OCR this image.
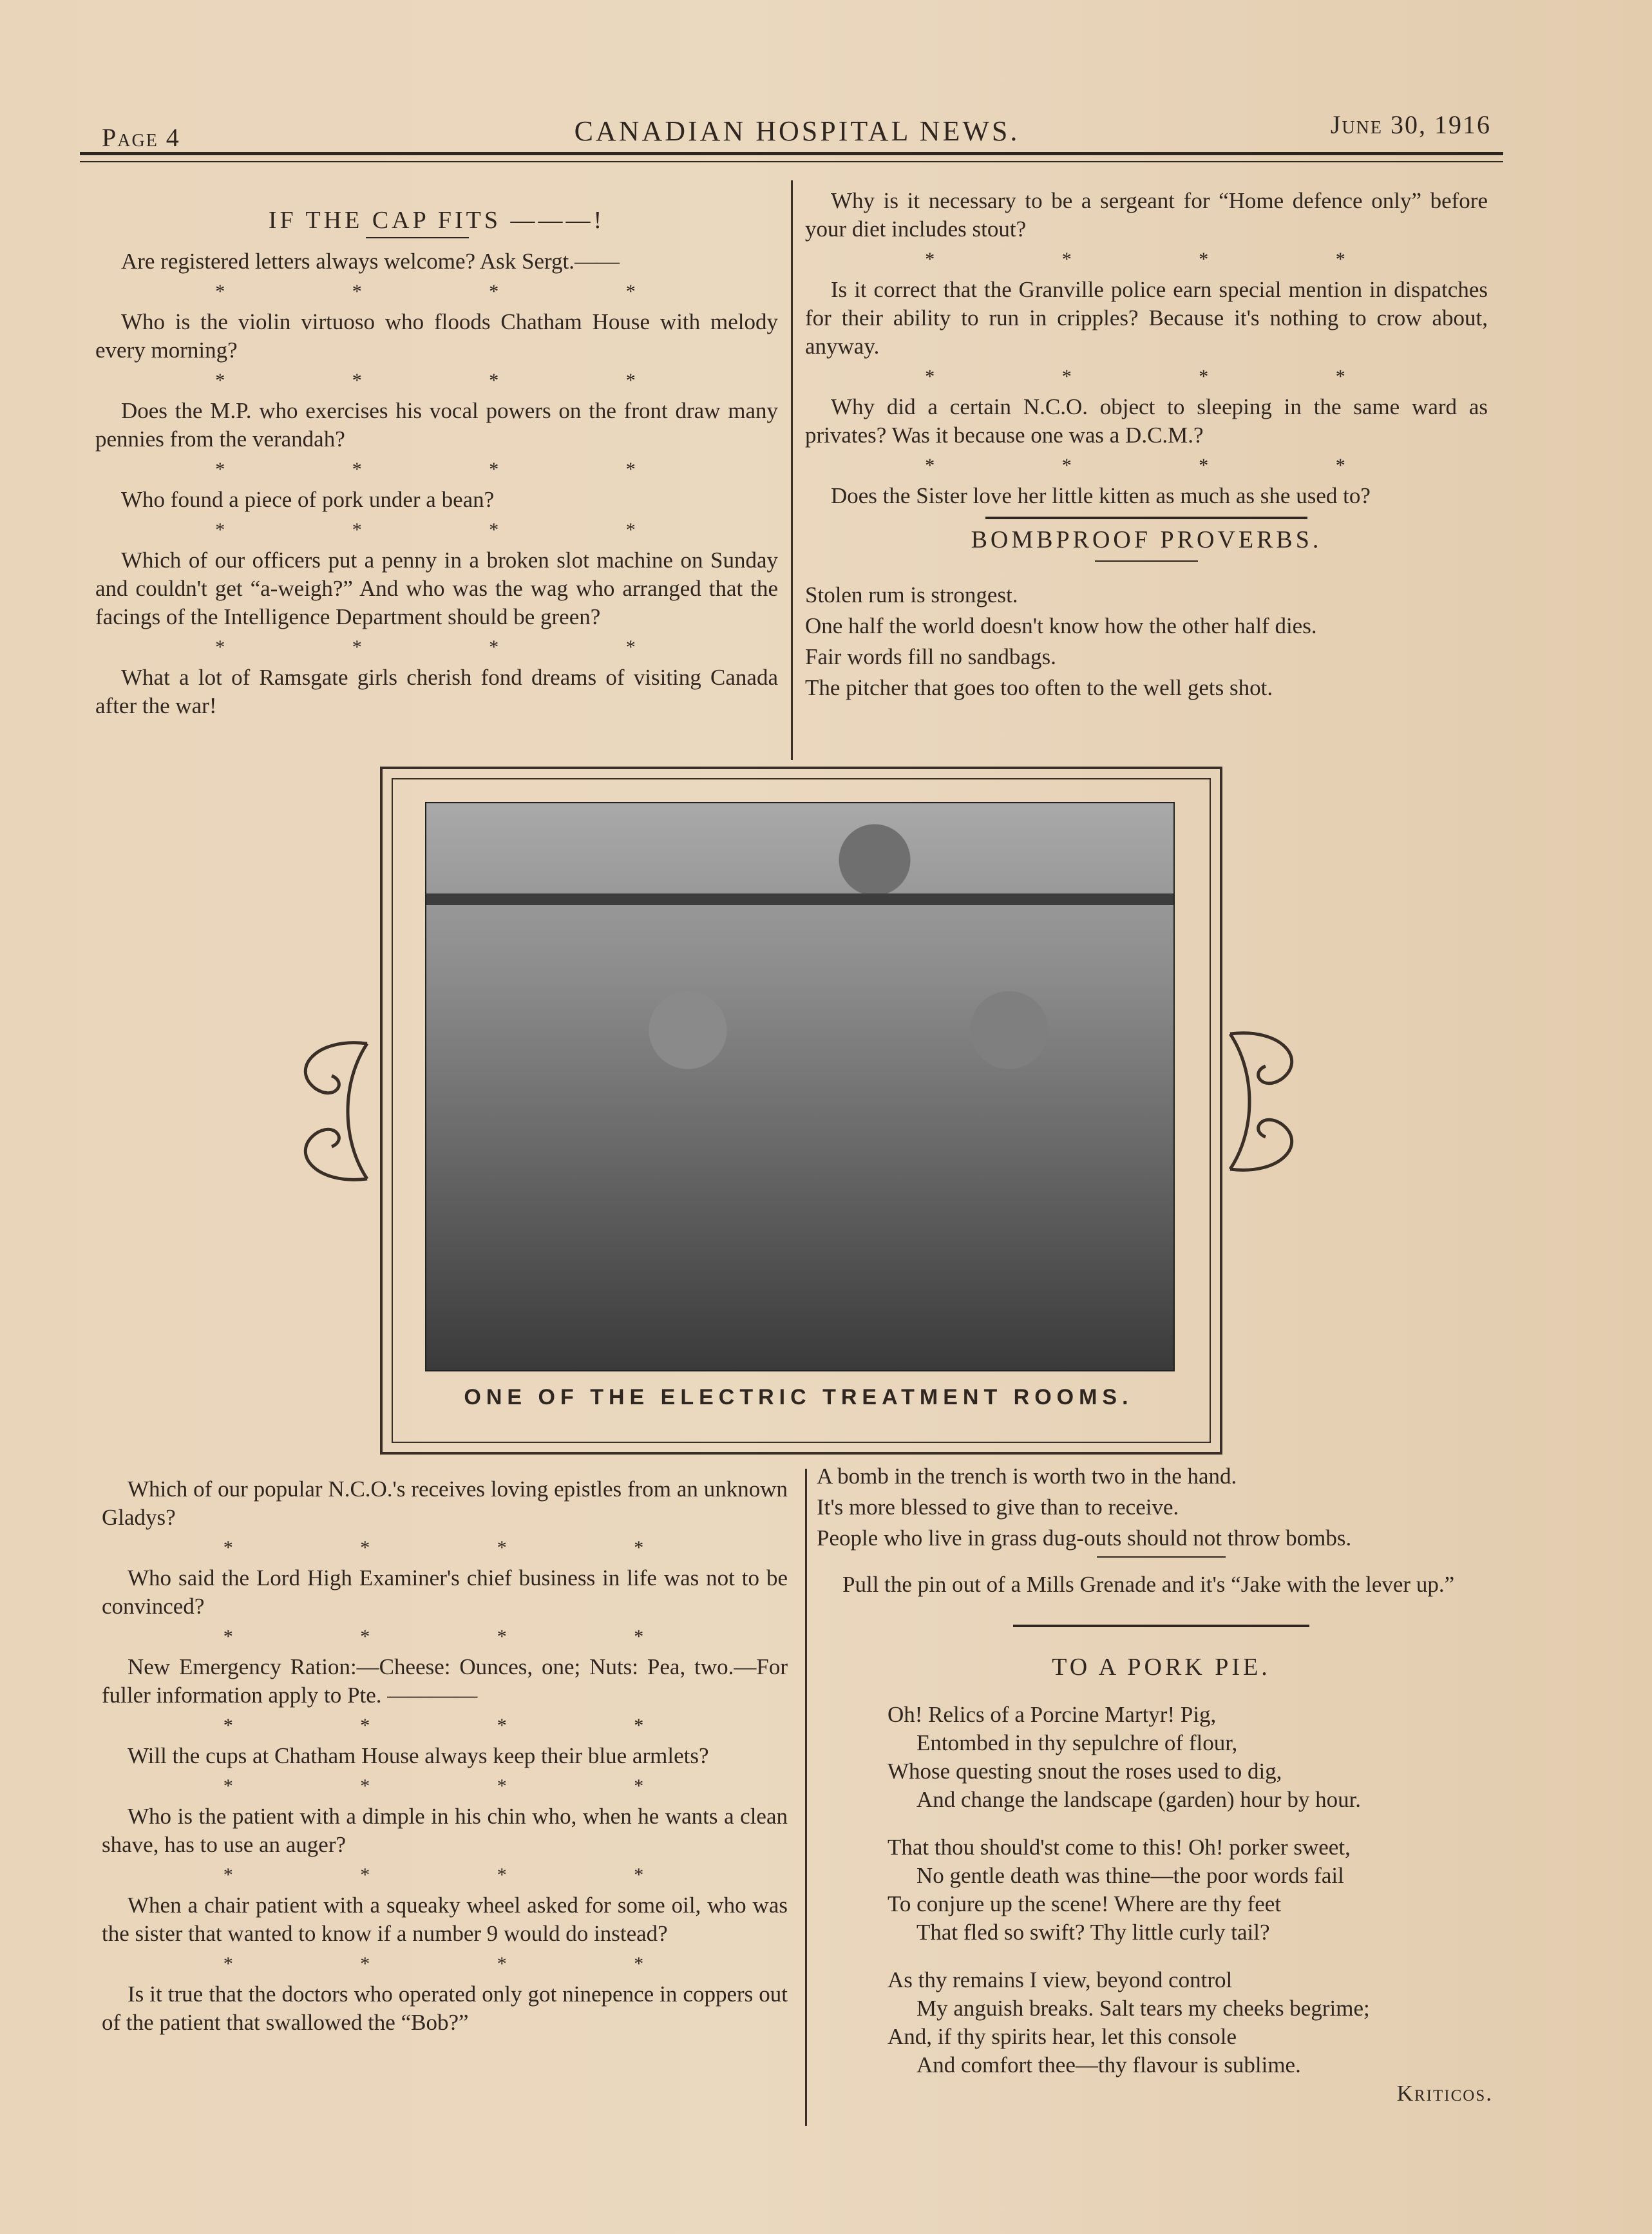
Page 4	CANADIAN HOSPITAL NEWS.	June 30, 1916
IF THE CAP FITS ———!

Are registered letters always welcome? Ask Sergt.——

* * * *

Who is the violin virtuoso who floods Chatham House with melody every morning?

* * * *

Does the M.P. who exercises his vocal powers on the front draw many pennies from the verandah?

* * * *

Who found a piece of pork under a bean?

* * * *

Which of our officers put a penny in a broken slot machine on Sunday and couldn't get “a-weigh?” And who was the wag who arranged that the facings of the Intelligence Department should be green?

* * * *

What a lot of Ramsgate girls cherish fond dreams of visiting Canada after the war!

Why is it necessary to be a sergeant for “Home defence only” before your diet includes stout?

* * * *

Is it correct that the Granville police earn special mention in dispatches for their ability to run in cripples? Because it's nothing to crow about, anyway.

* * * *

Why did a certain N.C.O. object to sleeping in the same ward as privates? Was it because one was a D.C.M.?

* * * *

Does the Sister love her little kitten as much as she used to?

BOMBPROOF PROVERBS.

Stolen rum is strongest.

One half the world doesn't know how the other half dies.

Fair words fill no sandbags.

The pitcher that goes too often to the well gets shot.

ONE OF THE ELECTRIC TREATMENT ROOMS.

Which of our popular N.C.O.'s receives loving epistles from an unknown Gladys?

* * * *

Who said the Lord High Examiner's chief business in life was not to be convinced?

* * * *

New Emergency Ration:—Cheese: Ounces, one; Nuts: Pea, two.—For fuller information apply to Pte. ————

* * * *

Will the cups at Chatham House always keep their blue armlets?

* * * *

Who is the patient with a dimple in his chin who, when he wants a clean shave, has to use an auger?

* * * *

When a chair patient with a squeaky wheel asked for some oil, who was the sister that wanted to know if a number 9 would do instead?

* * * *

Is it true that the doctors who operated only got ninepence in coppers out of the patient that swallowed the “Bob?”

A bomb in the trench is worth two in the hand.

It's more blessed to give than to receive.

People who live in grass dug-outs should not throw bombs.

Pull the pin out of a Mills Grenade and it's “Jake with the lever up.”

TO A PORK PIE.

Oh! Relics of a Porcine Martyr! Pig,

Entombed in thy sepulchre of flour,

Whose questing snout the roses used to dig,

And change the landscape (garden) hour by hour.

That thou should'st come to this! Oh! porker sweet,

No gentle death was thine—the poor words fail

To conjure up the scene! Where are thy feet

That fled so swift? Thy little curly tail?

As thy remains I view, beyond control

My anguish breaks. Salt tears my cheeks begrime;

And, if thy spirits hear, let this console

And comfort thee—thy flavour is sublime.

Kriticos.
